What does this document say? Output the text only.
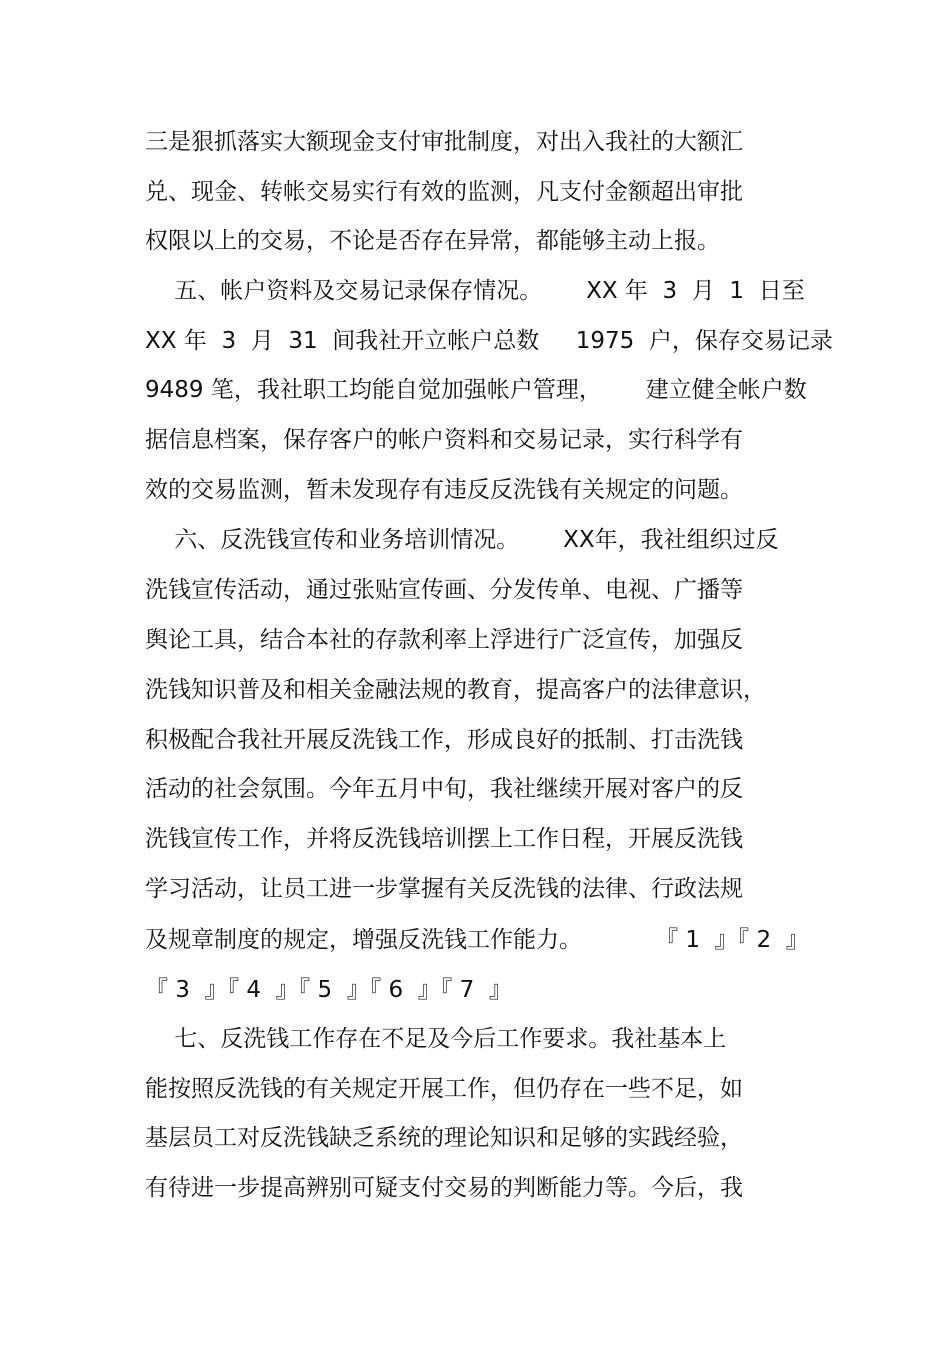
三是狠抓落实大额现金支付审批制度，对出入我社的大额汇
兑、现金、转帐交易实行有效的监测，凡支付金额超出审批
权限以上的交易，不论是否存在异常，都能够主动上报。
五、帐户资料及交易记录保存情况。      XX 年  3  月  1  日至
XX 年  3  月  31  间我社开立帐户总数     1975  户，保存交易记录
9489 笔，我社职工均能自觉加强帐户管理，      建立健全帐户数
据信息档案，保存客户的帐户资料和交易记录，实行科学有
效的交易监测，暂未发现存有违反反洗钱有关规定的问题。
六、反洗钱宣传和业务培训情况。      XX年，我社组织过反
洗钱宣传活动，通过张贴宣传画、分发传单、电视、广播等
舆论工具，结合本社的存款利率上浮进行广泛宣传，加强反
洗钱知识普及和相关金融法规的教育，提高客户的法律意识，
积极配合我社开展反洗钱工作，形成良好的抵制、打击洗钱
活动的社会氛围。今年五月中旬，我社继续开展对客户的反
洗钱宣传工作，并将反洗钱培训摆上工作日程，开展反洗钱
学习活动，让员工进一步掌握有关反洗钱的法律、行政法规
及规章制度的规定，增强反洗钱工作能力。          『 1  』『 2  』
『 3  』『 4  』『 5  』『 6  』『 7  』
七、反洗钱工作存在不足及今后工作要求。我社基本上
能按照反洗钱的有关规定开展工作，但仍存在一些不足，如
基层员工对反洗钱缺乏系统的理论知识和足够的实践经验，
有待进一步提高辨别可疑支付交易的判断能力等。今后，我
